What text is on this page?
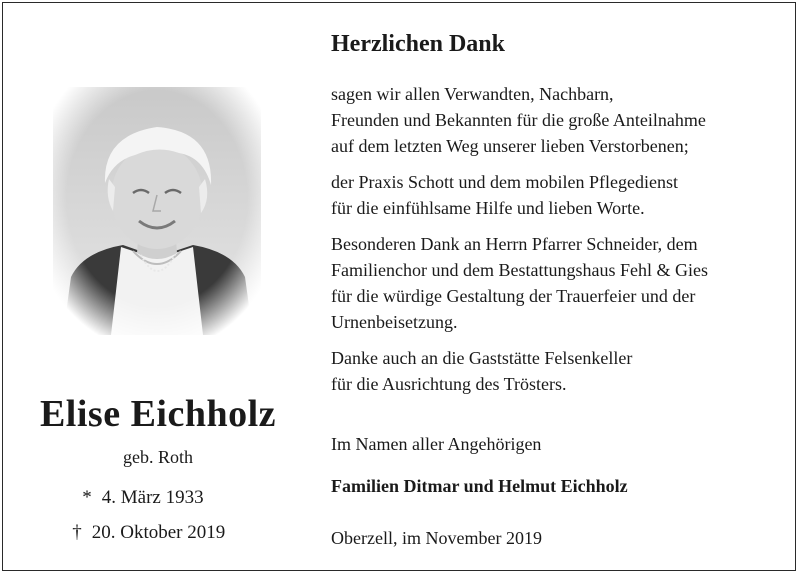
Elise Eichholz
geb. Roth
* 4. März 1933
† 20. Oktober 2019
Herzlichen Dank

sagen wir allen Verwandten, Nachbarn,
Freunden und Bekannten für die große Anteilnahme
auf dem letzten Weg unserer lieben Verstorbenen;

der Praxis Schott und dem mobilen Pflegedienst
für die einfühlsame Hilfe und lieben Worte.

Besonderen Dank an Herrn Pfarrer Schneider, dem
Familienchor und dem Bestattungshaus Fehl & Gies
für die würdige Gestaltung der Trauerfeier und der
Urnenbeisetzung.

Danke auch an die Gaststätte Felsenkeller
für die Ausrichtung des Trösters.

Im Namen aller Angehörigen

Familien Ditmar und Helmut Eichholz

Oberzell, im November 2019
